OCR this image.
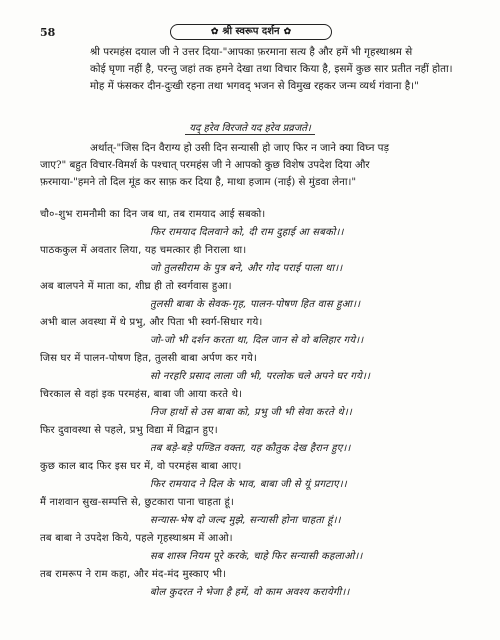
58	✿ श्री स्वरूप दर्शन ✿
श्री परमहंस दयाल जी ने उत्तर दिया-"आपका फ़रमाना सत्य है और हमें भी गृहस्थाश्रम से
कोई घृणा नहीं है, परन्तु जहां तक हमने देखा तथा विचार किया है, इसमें कुछ सार प्रतीत नहीं होता।
मोह में फंसकर दीन-दुःखी रहना तथा भगवद् भजन से विमुख रहकर जन्म व्यर्थ गंवाना है।"
यद् हरेव विरजते यद हरेव प्रव्रजते।
अर्थात्-"जिस दिन वैराग्य हो उसी दिन सन्यासी हो जाए फिर न जाने क्या विघ्न पड़
जाए?" बहुत विचार-विमर्श के पश्चात् परमहंस जी ने आपको कुछ विशेष उपदेश दिया और
फ़रमाया-"हमने तो दिल मूंड कर साफ़ कर दिया है, माथा हजाम (नाई) से मुंडवा लेना।"
चौ०-शुभ रामनौमी का दिन जब था, तब रामयाद आई सबको।
फिर रामयाद दिलवाने को, दी राम दुहाई आ सबको।।
पाठककुल में अवतार लिया, यह चमत्कार ही निराला था।
जो तुलसीराम के पुत्र बने, और गोद पराई पाला था।।
अब बालपने में माता का, शीघ्र ही तो स्वर्गवास हुआ।
तुलसी बाबा के सेवक-गृह, पालन-पोषण हित वास हुआ।।
अभी बाल अवस्था में थे प्रभु, और पिता भी स्वर्ग-सिधार गये।
जो-जो भी दर्शन करता था, दिल जान से वो बलिहार गये।।
जिस घर में पालन-पोषण हित, तुलसी बाबा अर्पण कर गये।
सो नरहरि प्रसाद लाला जी भी, परलोक चले अपने घर गये।।
चिरकाल से वहां इक परमहंस, बाबा जी आया करते थे।
निज हाथों से उस बाबा को, प्रभु जी भी सेवा करते थे।।
फिर दुवावस्था से पहले, प्रभु विद्या में विद्वान हुए।
तब बड़े-बड़े पण्डित वक्ता, यह कौतुक देख हैरान हुए।।
कुछ काल बाद फिर इस घर में, वो परमहंस बाबा आए।
फिर रामयाद ने दिल के भाव, बाबा जी से यूं प्रगटाए।।
मैं नाशवान सुख-सम्पत्ति से, छुटकारा पाना चाहता हूं।
सन्यास-भेष दो जल्द मुझे, सन्यासी होना चाहता हूं।।
तब बाबा ने उपदेश किये, पहले गृहस्थाश्रम में आओ।
सब शास्त्र नियम पूरे करके, चाहे फिर सन्यासी कहलाओ।।
तब रामरूप ने राम कहा, और मंद-मंद मुस्काए भी।
बोल कुदरत ने भेजा है हमें, वो काम अवश्य करायेगी।।
